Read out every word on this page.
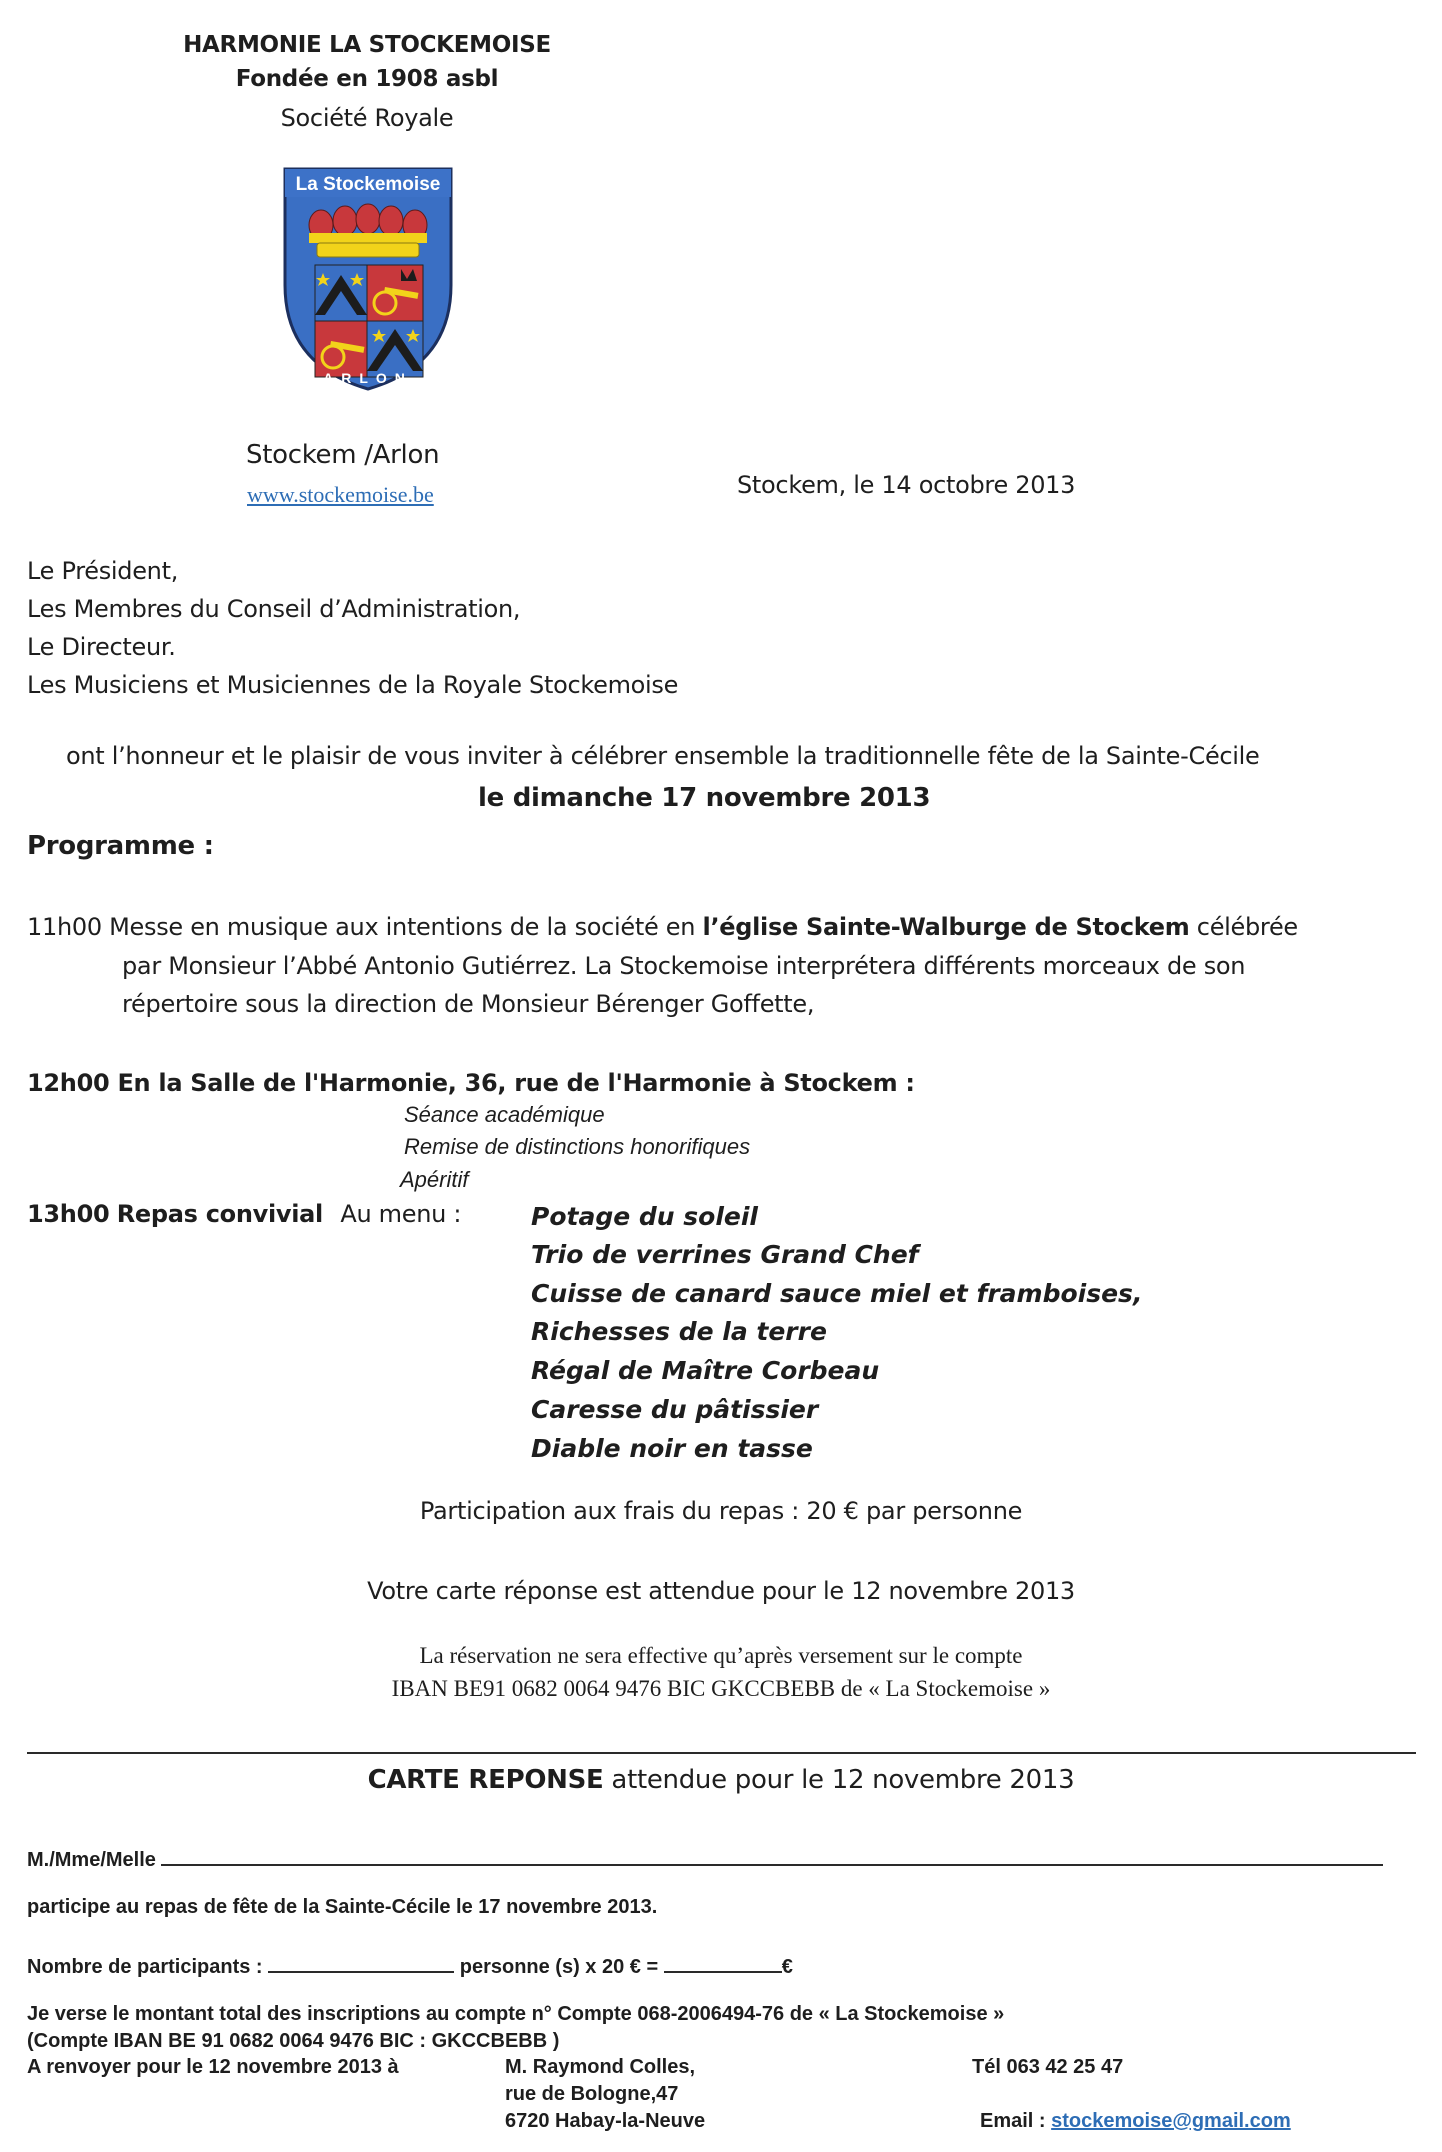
HARMONIE LA STOCKEMOISE
Fondée en 1908 asbl
Société Royale
La Stockemoise
ARLON
Stockem /Arlon
www.stockemoise.be	Stockem, le 14 octobre 2013
Le Président,
Les Membres du Conseil d’Administration,
Le Directeur.
Les Musiciens et Musiciennes de la Royale Stockemoise
ont l’honneur et le plaisir de vous inviter à célébrer ensemble la traditionnelle fête de la Sainte-Cécile
le dimanche 17 novembre 2013
Programme :
11h00 Messe en musique aux intentions de la société en l’église Sainte-Walburge de Stockem célébrée
par Monsieur l’Abbé Antonio Gutiérrez. La Stockemoise interprétera différents morceaux de son
répertoire sous la direction de Monsieur Bérenger Goffette,
12h00 En la Salle de l'Harmonie, 36, rue de l'Harmonie à Stockem :
Séance académique
Remise de distinctions honorifiques
Apéritif
13h00 Repas convivial Au menu :	Potage du soleil
Trio de verrines Grand Chef
Cuisse de canard sauce miel et framboises,
Richesses de la terre
Régal de Maître Corbeau
Caresse du pâtissier
Diable noir en tasse
Participation aux frais du repas : 20 € par personne
Votre carte réponse est attendue pour le 12 novembre 2013
La réservation ne sera effective qu’après versement sur le compte
IBAN BE91 0682 0064 9476 BIC GKCCBEBB de « La Stockemoise »
CARTE REPONSE attendue pour le 12 novembre 2013
M./Mme/Melle
participe au repas de fête de la Sainte-Cécile le 17 novembre 2013.
Nombre de participants :	personne (s) x 20 € =	€
Je verse le montant total des inscriptions au compte n° Compte 068-2006494-76 de « La Stockemoise »
(Compte IBAN BE 91 0682 0064 9476 BIC : GKCCBEBB )
A renvoyer pour le 12 novembre 2013 à	M. Raymond Colles,
rue de Bologne,47
6720 Habay-la-Neuve
Tél 063 42 25 47
Email : stockemoise@gmail.com
